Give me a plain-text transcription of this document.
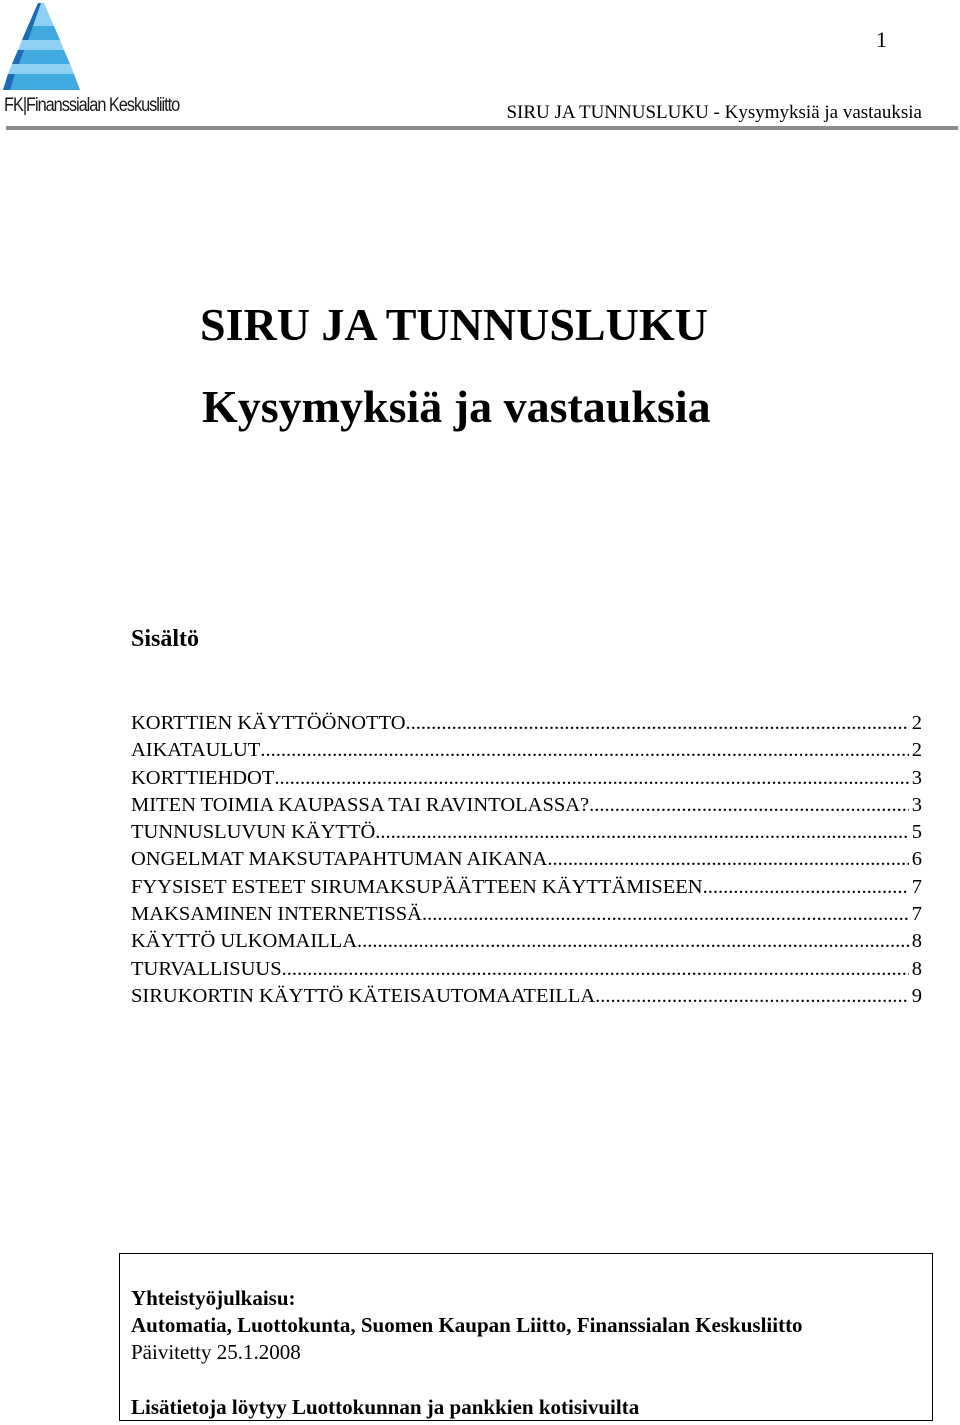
FK|Finanssialan Keskusliitto
1
SIRU JA TUNNUSLUKU - Kysymyksiä ja vastauksia
SIRU JA TUNNUSLUKU
Kysymyksiä ja vastauksia
Sisältö
KORTTIEN KÄYTTÖÖNOTTO .....	2
AIKATAULUT .....	2
KORTTIEHDOT .....	3
MITEN TOIMIA KAUPASSA TAI RAVINTOLASSA? .....	3
TUNNUSLUVUN KÄYTTÖ .....	5
ONGELMAT MAKSUTAPAHTUMAN AIKANA .....	6
FYYSISET ESTEET SIRUMAKSUPÄÄTTEEN KÄYTTÄMISEEN .....	7
MAKSAMINEN INTERNETISSÄ .....	7
KÄYTTÖ ULKOMAILLA .....	8
TURVALLISUUS .....	8
SIRUKORTIN KÄYTTÖ KÄTEISAUTOMAATEILLA .....	9
Yhteistyöjulkaisu:
Automatia, Luottokunta, Suomen Kaupan Liitto, Finanssialan Keskusliitto
Päivitetty 25.1.2008
Lisätietoja löytyy Luottokunnan ja pankkien kotisivuilta
